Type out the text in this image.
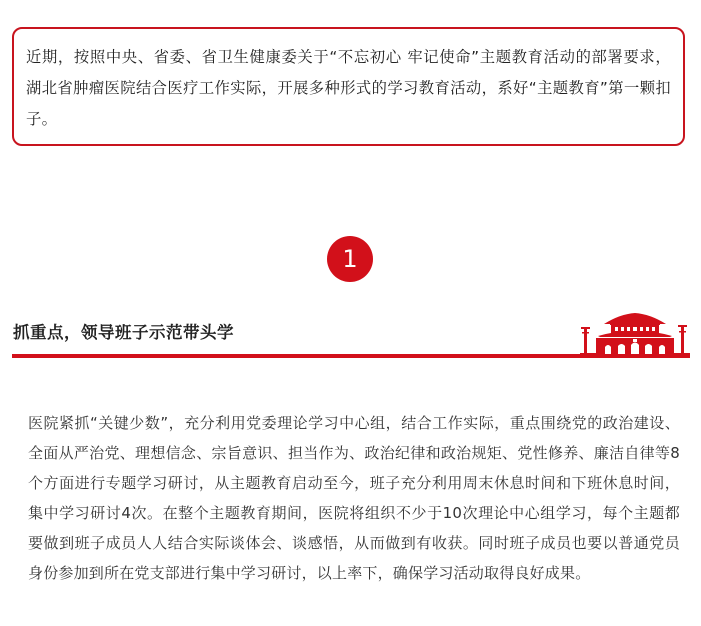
近期，按照中央、省委、省卫生健康委关于“不忘初心 牢记使命”主题教育活动的部署要求，湖北省肿瘤医院结合医疗工作实际，开展多种形式的学习教育活动，系好“主题教育”第一颗扣子。

1
抓重点，领导班子示范带头学

医院紧抓“关键少数”，充分利用党委理论学习中心组，结合工作实际，重点围绕党的政治建设、全面从严治党、理想信念、宗旨意识、担当作为、政治纪律和政治规矩、党性修养、廉洁自律等8个方面进行专题学习研讨，从主题教育启动至今，班子充分利用周末休息时间和下班休息时间，集中学习研讨4次。在整个主题教育期间，医院将组织不少于10次理论中心组学习，每个主题都要做到班子成员人人结合实际谈体会、谈感悟，从而做到有收获。同时班子成员也要以普通党员身份参加到所在党支部进行集中学习研讨，以上率下，确保学习活动取得良好成果。
